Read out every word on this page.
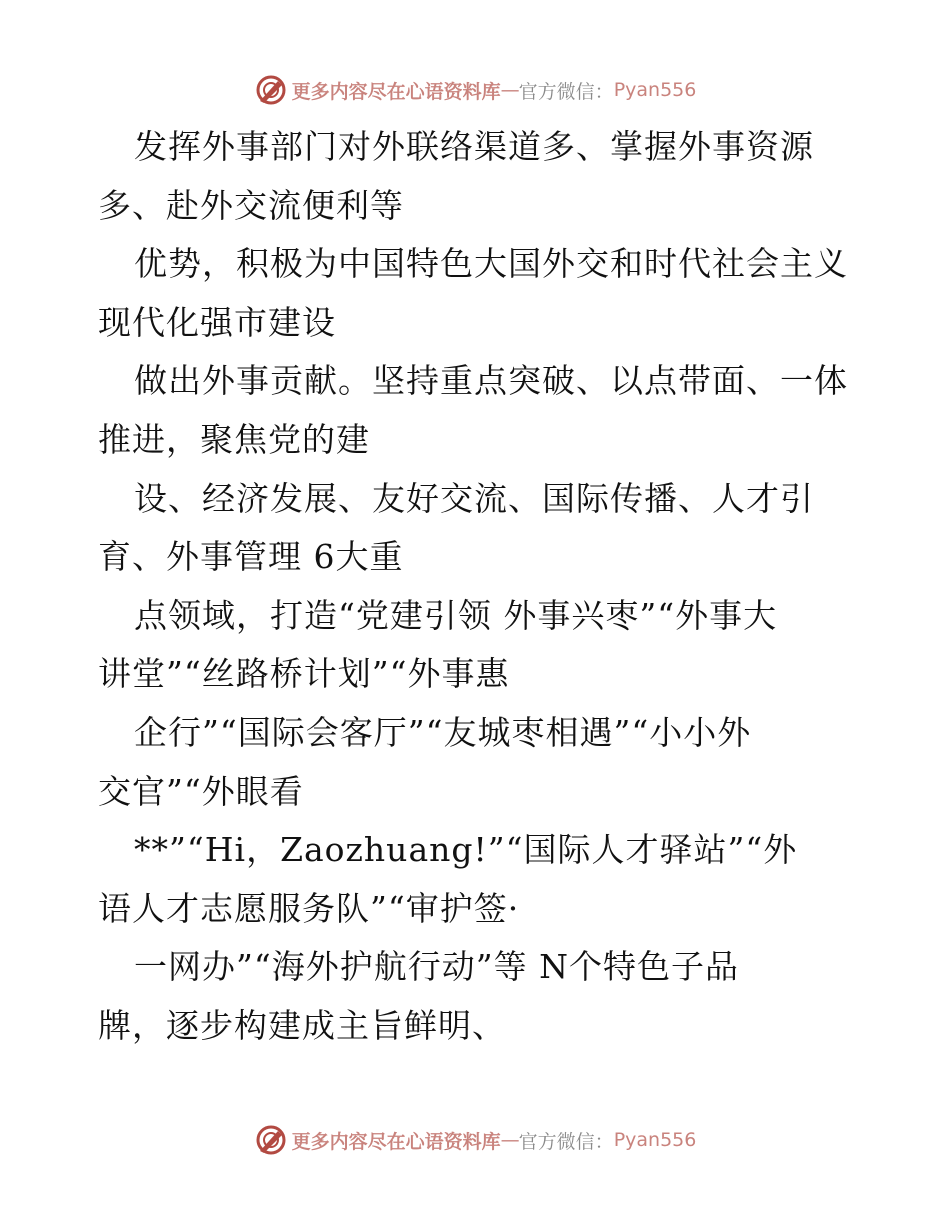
更多内容尽在心语资料库 — 官方微信： Pyan556
发挥外事部门对外联络渠道多、掌握外事资源
多、赴外交流便利等
优势，积极为中国特色大国外交和时代社会主义
现代化强市建设
做出外事贡献。坚持重点突破、以点带面、一体
推进，聚焦党的建
设、经济发展、友好交流、国际传播、人才引
育、外事管理 6大重
点领域，打造“党建引领 外事兴枣”“外事大
讲堂”“丝路桥计划”“外事惠
企行”“国际会客厅”“友城枣相遇”“小小外
交官”“外眼看
**”“Hi，Zaozhuang!”“国际人才驿站”“外
语人才志愿服务队”“审护签·
一网办”“海外护航行动”等 N个特色子品
牌，逐步构建成主旨鲜明、
更多内容尽在心语资料库 — 官方微信： Pyan556
